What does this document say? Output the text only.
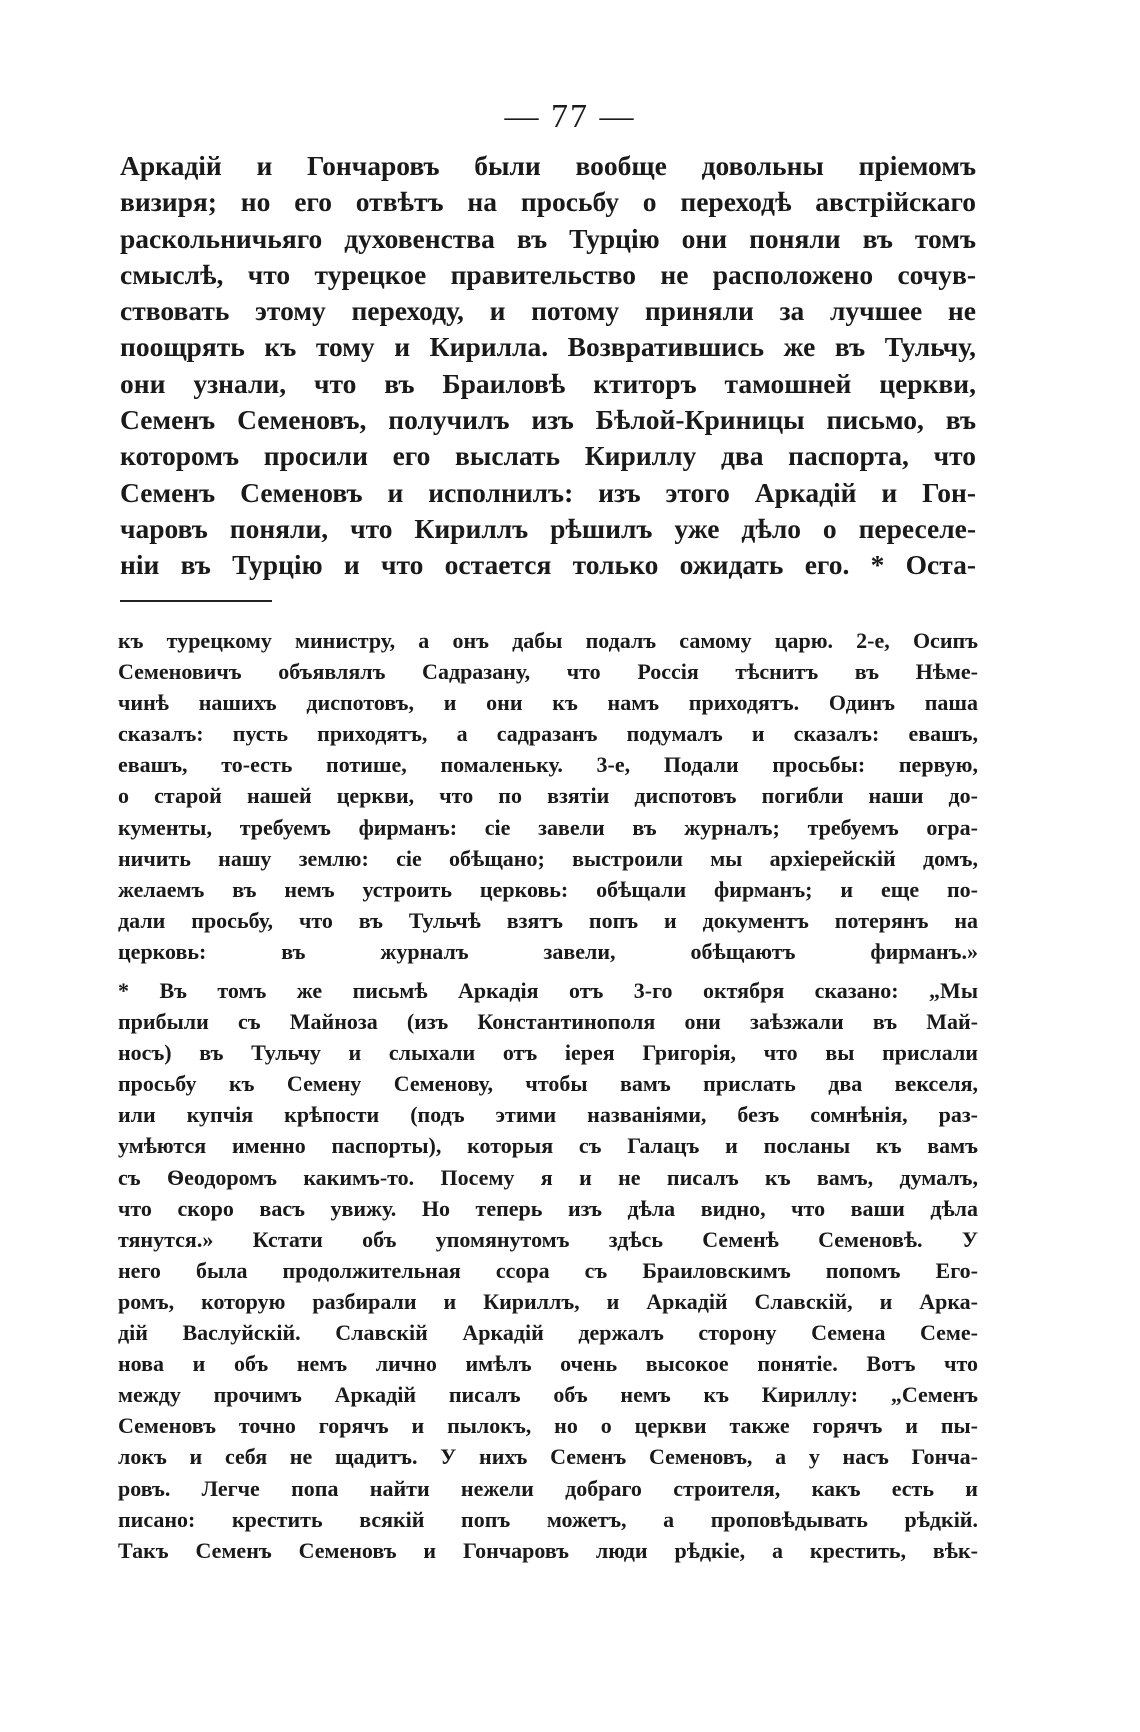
— 77 —

Аркадій и Гончаровъ были вообще довольны пріемомъ
визиря; но его отвѣтъ на просьбу о переходѣ австрійскаго
раскольничьяго духовенства въ Турцію они поняли въ томъ
смыслѣ, что турецкое правительство не расположено сочув-
ствовать этому переходу, и потому приняли за лучшее не
поощрять къ тому и Кирилла. Возвратившись же въ Тульчу,
они узнали, что въ Браиловѣ ктиторъ тамошней церкви,
Семенъ Семеновъ, получилъ изъ Бѣлой-Криницы письмо, въ
которомъ просили его выслать Кириллу два паспорта, что
Семенъ Семеновъ и исполнилъ: изъ этого Аркадій и Гон-
чаровъ поняли, что Кириллъ рѣшилъ уже дѣло о переселе-
ніи въ Турцію и что остается только ожидать его. * Оста-

къ турецкому министру, а онъ дабы подалъ самому царю. 2-е, Осипъ
Семеновичъ объявлялъ Садразану, что Россія тѣснитъ въ Нѣме-
чинѣ нашихъ диспотовъ, и они къ намъ приходятъ. Одинъ паша
сказалъ: пусть приходятъ, а садразанъ подумалъ и сказалъ: евашъ,
евашъ, то-есть потише, помаленьку. 3-е, Подали просьбы: первую,
о старой нашей церкви, что по взятіи диспотовъ погибли наши до-
кументы, требуемъ фирманъ: сіе завели въ журналъ; требуемъ огра-
ничить нашу землю: сіе обѣщано; выстроили мы архіерейскій домъ,
желаемъ въ немъ устроить церковь: обѣщали фирманъ; и еще по-
дали просьбу, что въ Тульчѣ взятъ попъ и документъ потерянъ на
церковь: въ журналъ завели, обѣщаютъ фирманъ.»
* Въ томъ же письмѣ Аркадія отъ 3-го октября сказано: „Мы
прибыли съ Майноза (изъ Константинополя они заѣзжали въ Май-
носъ) въ Тульчу и слыхали отъ іерея Григорія, что вы прислали
просьбу къ Семену Семенову, чтобы вамъ прислать два векселя,
или купчія крѣпости (подъ этими названіями, безъ сомнѣнія, раз-
умѣются именно паспорты), которыя съ Галацъ и посланы къ вамъ
съ Ѳеодоромъ какимъ-то. Посему я и не писалъ къ вамъ, думалъ,
что скоро васъ увижу. Но теперь изъ дѣла видно, что ваши дѣла
тянутся.» Кстати объ упомянутомъ здѣсь Семенѣ Семеновѣ. У
него была продолжительная ссора съ Браиловскимъ попомъ Его-
ромъ, которую разбирали и Кириллъ, и Аркадій Славскій, и Арка-
дій Васлуйскій. Славскій Аркадій держалъ сторону Семена Семе-
нова и объ немъ лично имѣлъ очень высокое понятіе. Вотъ что
между прочимъ Аркадій писалъ объ немъ къ Кириллу: „Семенъ
Семеновъ точно горячъ и пылокъ, но о церкви также горячъ и пы-
локъ и себя не щадитъ. У нихъ Семенъ Семеновъ, а у насъ Гонча-
ровъ. Легче попа найти нежели добраго строителя, какъ есть и
писано: крестить всякій попъ можетъ, а проповѣдывать рѣдкій.
Такъ Семенъ Семеновъ и Гончаровъ люди рѣдкіе, а крестить, вѣк-
